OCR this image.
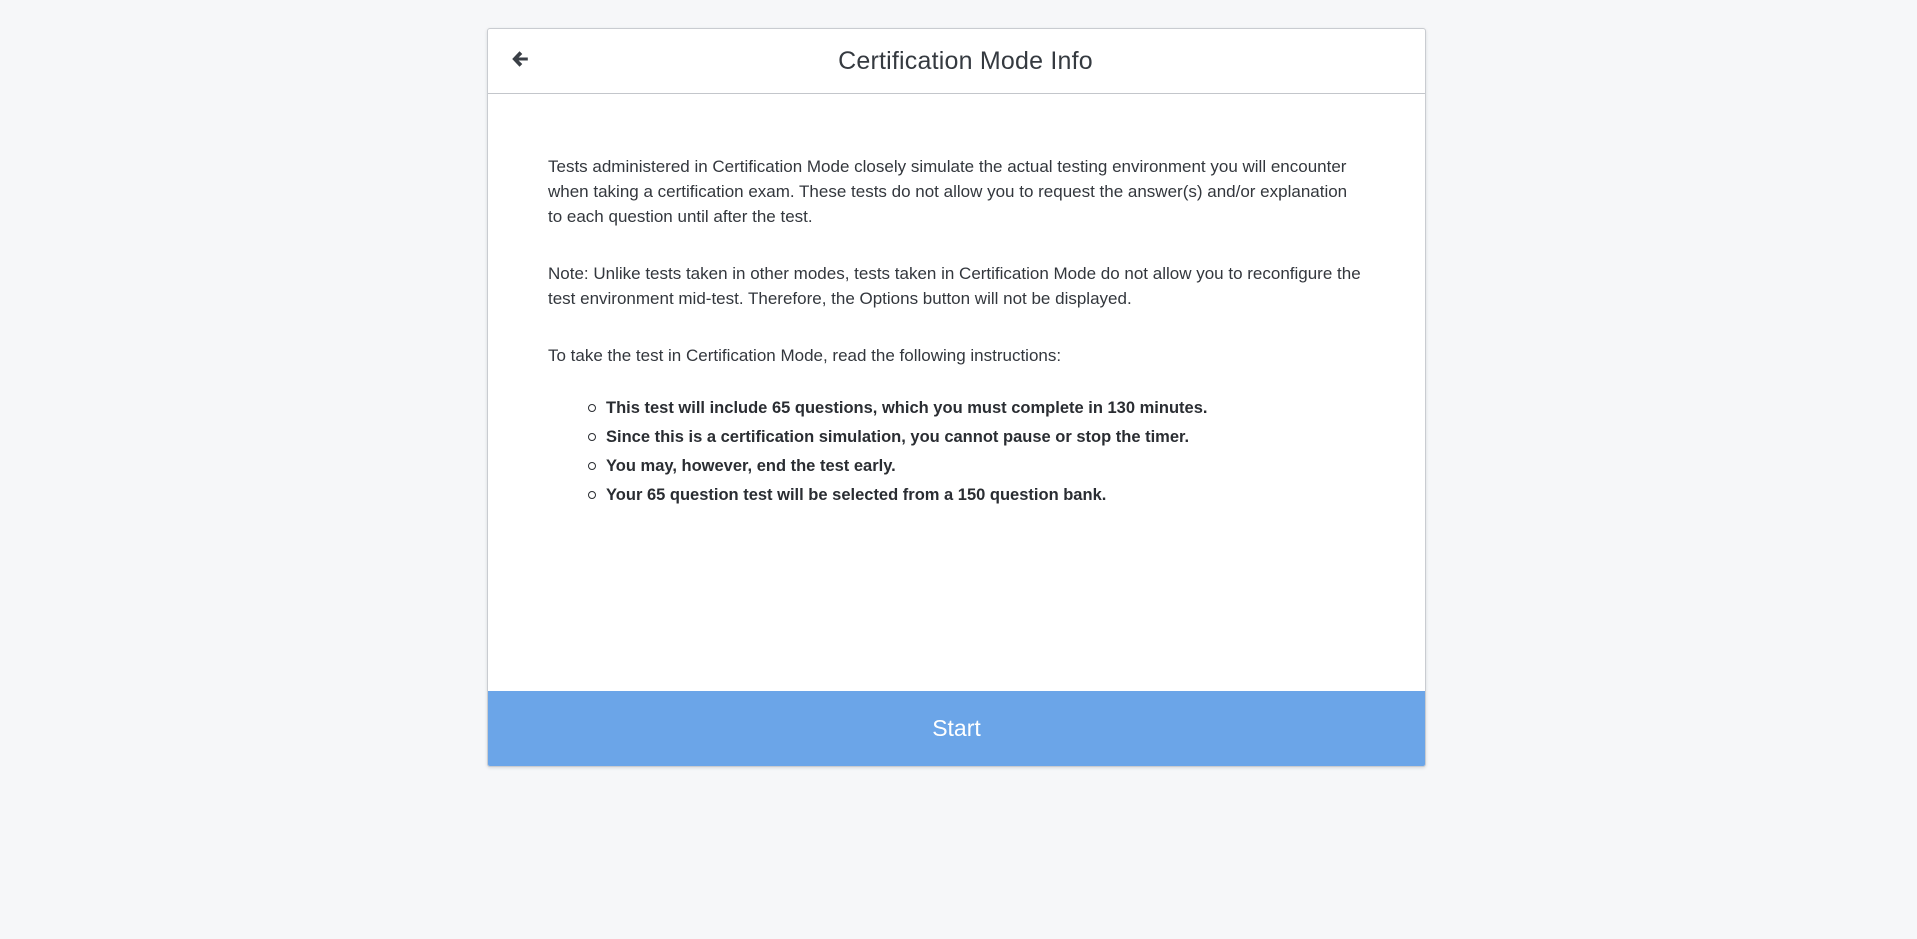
Certification Mode Info

Tests administered in Certification Mode closely simulate the actual testing environment you will encounter when taking a certification exam. These tests do not allow you to request the answer(s) and/or explanation to each question until after the test.

Note: Unlike tests taken in other modes, tests taken in Certification Mode do not allow you to reconfigure the test environment mid-test. Therefore, the Options button will not be displayed.

To take the test in Certification Mode, read the following instructions:

This test will include 65 questions, which you must complete in 130 minutes.
Since this is a certification simulation, you cannot pause or stop the timer.
You may, however, end the test early.
Your 65 question test will be selected from a 150 question bank.
Start
